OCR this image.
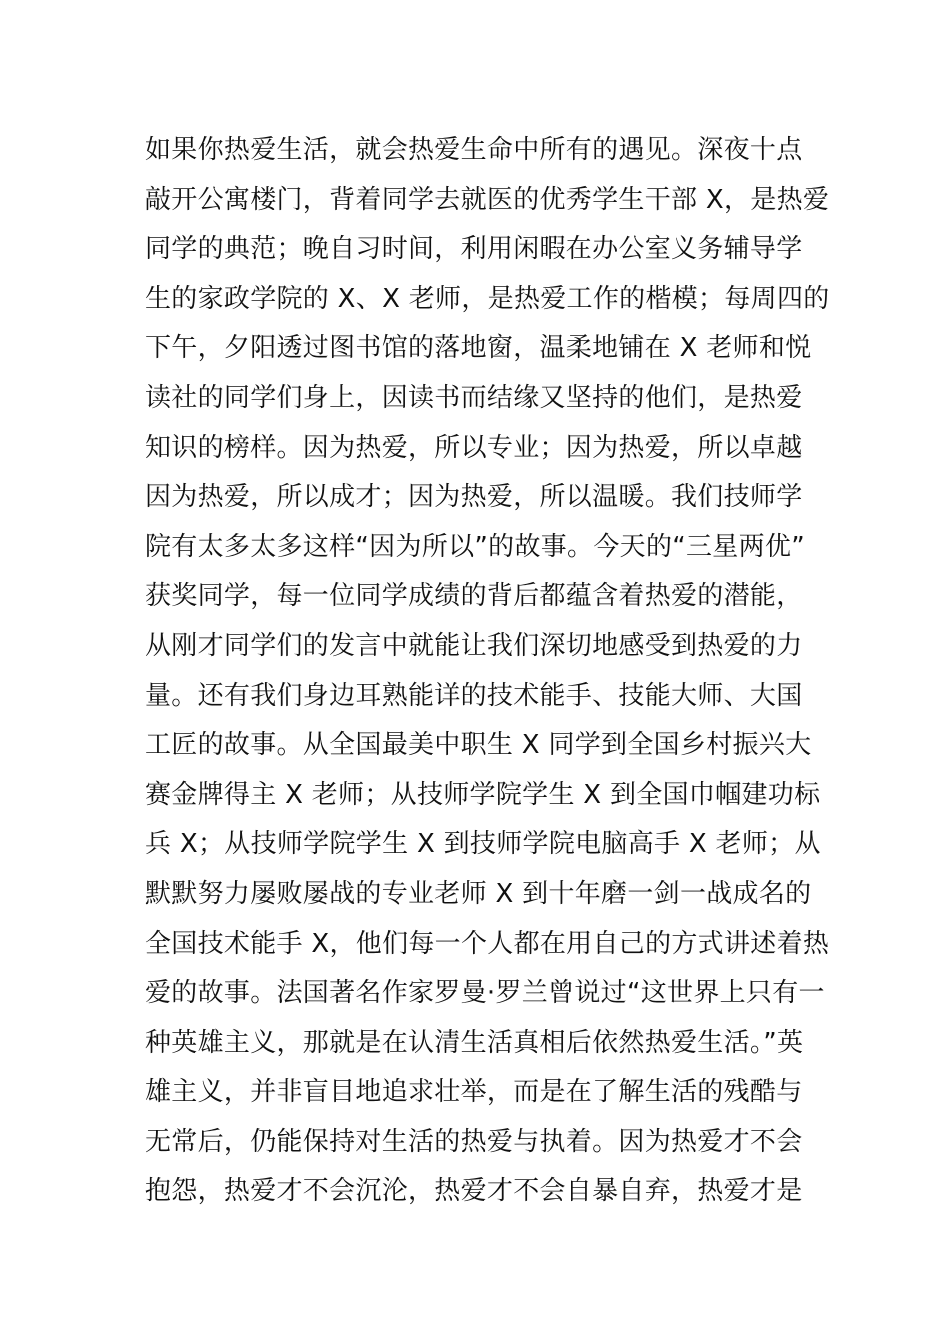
如果你热爱生活，就会热爱生命中所有的遇见。深夜十点
敲开公寓楼门，背着同学去就医的优秀学生干部 X，是热爱
同学的典范；晚自习时间，利用闲暇在办公室义务辅导学
生的家政学院的 X、X 老师，是热爱工作的楷模；每周四的
下午，夕阳透过图书馆的落地窗，温柔地铺在 X 老师和悦
读社的同学们身上，因读书而结缘又坚持的他们，是热爱
知识的榜样。因为热爱，所以专业；因为热爱，所以卓越
因为热爱，所以成才；因为热爱，所以温暖。我们技师学
院有太多太多这样“因为所以”的故事。今天的“三星两优”
获奖同学，每一位同学成绩的背后都蕴含着热爱的潜能，
从刚才同学们的发言中就能让我们深切地感受到热爱的力
量。还有我们身边耳熟能详的技术能手、技能大师、大国
工匠的故事。从全国最美中职生 X 同学到全国乡村振兴大
赛金牌得主 X 老师；从技师学院学生 X 到全国巾帼建功标
兵 X；从技师学院学生 X 到技师学院电脑高手 X 老师；从
默默努力屡败屡战的专业老师 X 到十年磨一剑一战成名的
全国技术能手 X，他们每一个人都在用自己的方式讲述着热
爱的故事。法国著名作家罗曼·罗兰曾说过“这世界上只有一
种英雄主义，那就是在认清生活真相后依然热爱生活。”英
雄主义，并非盲目地追求壮举，而是在了解生活的残酷与
无常后，仍能保持对生活的热爱与执着。因为热爱才不会
抱怨，热爱才不会沉沦，热爱才不会自暴自弃，热爱才是
